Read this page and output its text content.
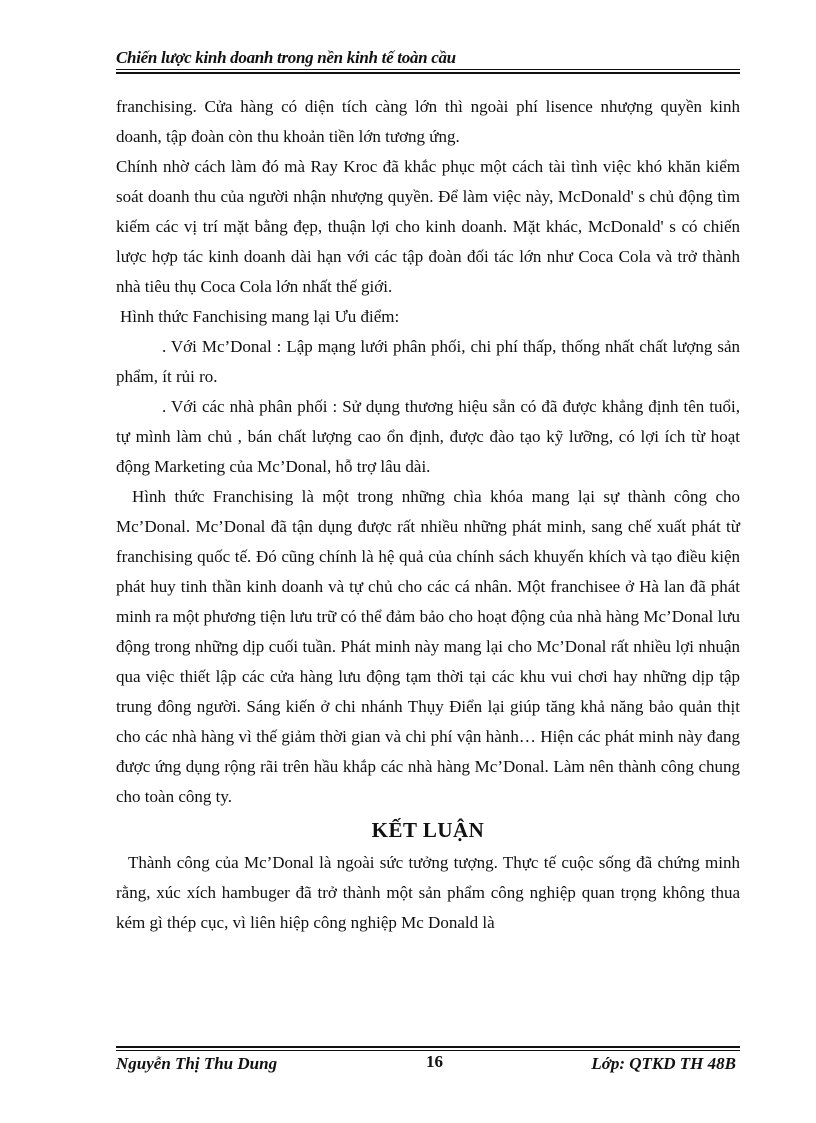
Chiến lược kinh doanh trong nền kinh tế toàn cầu

franchising. Cửa hàng có diện tích càng lớn thì ngoài phí lisence nhượng quyền kinh doanh, tập đoàn còn thu khoản tiền lớn tương ứng.

Chính nhờ cách làm đó mà Ray Kroc đã khắc phục một cách tài tình việc khó khăn kiểm soát doanh thu của người nhận nhượng quyền. Để làm việc này, McDonald' s chủ động tìm kiếm các vị trí mặt bằng đẹp, thuận lợi cho kinh doanh. Mặt khác, McDonald' s có chiến lược hợp tác kinh doanh dài hạn với các tập đoàn đối tác lớn như Coca Cola và trở thành nhà tiêu thụ Coca Cola lớn nhất thế giới.

Hình thức Fanchising mang lại Ưu điểm:

. Với Mc’Donal : Lập mạng lưới phân phối, chi phí thấp, thống nhất chất lượng sản phẩm, ít rủi ro.

. Với các nhà phân phối : Sử dụng thương hiệu sẵn có đã được khẳng định tên tuổi, tự mình làm chủ , bán chất lượng cao ổn định, được đào tạo kỹ lưỡng, có lợi ích từ hoạt động Marketing của Mc’Donal, hỗ trợ lâu dài.

Hình thức Franchising là một trong những chìa khóa mang lại sự thành công cho Mc’Donal. Mc’Donal đã tận dụng được rất nhiều những phát minh, sang chế xuất phát từ franchising quốc tế. Đó cũng chính là hệ quả của chính sách khuyến khích và tạo điều kiện phát huy tinh thần kinh doanh và tự chủ cho các cá nhân. Một franchisee ở Hà lan đã phát minh ra một phương tiện lưu trữ có thể đảm bảo cho hoạt động của nhà hàng Mc’Donal lưu động trong những dịp cuối tuần. Phát minh này mang lại cho Mc’Donal rất nhiều lợi nhuận qua việc thiết lập các cửa hàng lưu động tạm thời tại các khu vui chơi hay những dịp tập trung đông người. Sáng kiến ở chi nhánh Thụy Điển lại giúp tăng khả năng bảo quản thịt cho các nhà hàng vì thế giảm thời gian và chi phí vận hành… Hiện các phát minh này đang được ứng dụng rộng rãi trên hầu khắp các nhà hàng Mc’Donal. Làm nên thành công chung cho toàn công ty.

KẾT LUẬN

Thành công của Mc’Donal là ngoài sức tưởng tượng. Thực tế cuộc sống đã chứng minh rằng, xúc xích hambuger đã trở thành một sản phẩm công nghiệp quan trọng không thua kém gì thép cục, vì liên hiệp công nghiệp Mc Donald là

Nguyễn Thị Thu Dung	16	Lớp: QTKD TH 48B
